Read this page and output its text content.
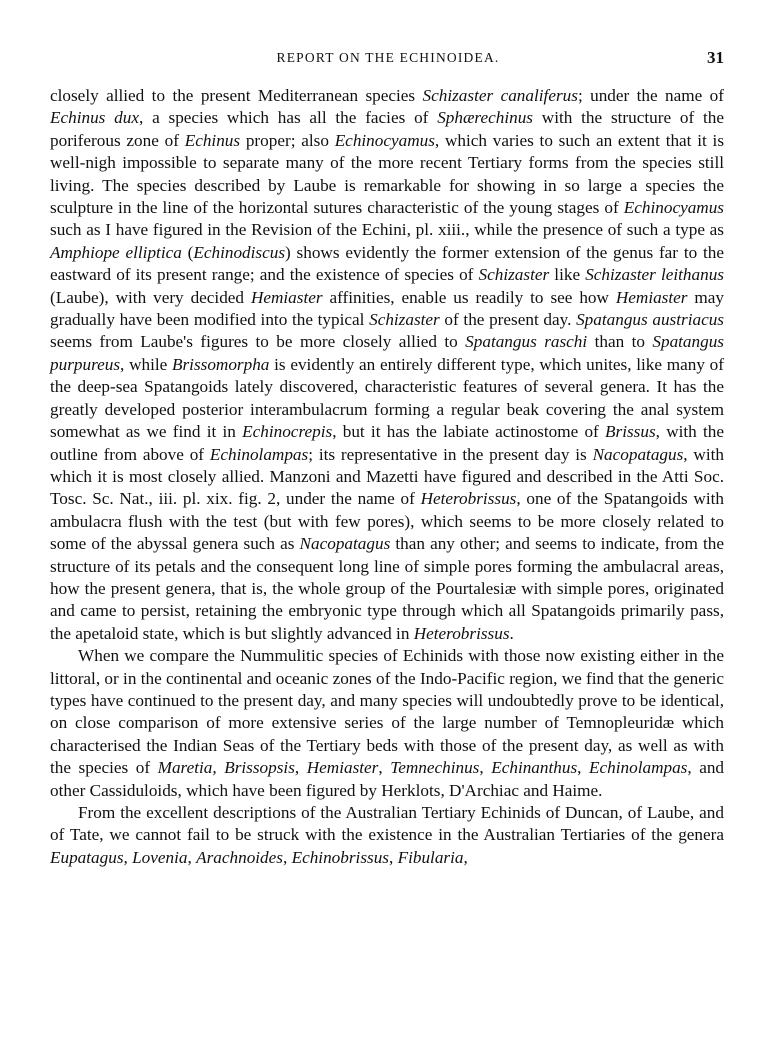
REPORT ON THE ECHINOIDEA.	31

closely allied to the present Mediterranean species Schizaster canaliferus; under the name of Echinus dux, a species which has all the facies of Sphærechinus with the structure of the poriferous zone of Echinus proper; also Echinocyamus, which varies to such an extent that it is well-nigh impossible to separate many of the more recent Tertiary forms from the species still living. The species described by Laube is remarkable for showing in so large a species the sculpture in the line of the horizontal sutures characteristic of the young stages of Echinocyamus such as I have figured in the Revision of the Echini, pl. xiii., while the presence of such a type as Amphiope elliptica (Echinodiscus) shows evidently the former extension of the genus far to the eastward of its present range; and the existence of species of Schizaster like Schizaster leithanus (Laube), with very decided Hemiaster affinities, enable us readily to see how Hemiaster may gradually have been modified into the typical Schizaster of the present day. Spatangus austriacus seems from Laube's figures to be more closely allied to Spatangus raschi than to Spatangus purpureus, while Brissomorpha is evidently an entirely different type, which unites, like many of the deep-sea Spatangoids lately discovered, characteristic features of several genera. It has the greatly developed posterior interambulacrum forming a regular beak covering the anal system somewhat as we find it in Echinocrepis, but it has the labiate actinostome of Brissus, with the outline from above of Echinolampas; its representative in the present day is Nacopatagus, with which it is most closely allied. Manzoni and Mazetti have figured and described in the Atti Soc. Tosc. Sc. Nat., iii. pl. xix. fig. 2, under the name of Heterobrissus, one of the Spatangoids with ambulacra flush with the test (but with few pores), which seems to be more closely related to some of the abyssal genera such as Nacopatagus than any other; and seems to indicate, from the structure of its petals and the consequent long line of simple pores forming the ambulacral areas, how the present genera, that is, the whole group of the Pourtalesiæ with simple pores, originated and came to persist, retaining the embryonic type through which all Spatangoids primarily pass, the apetaloid state, which is but slightly advanced in Heterobrissus.

When we compare the Nummulitic species of Echinids with those now existing either in the littoral, or in the continental and oceanic zones of the Indo-Pacific region, we find that the generic types have continued to the present day, and many species will undoubtedly prove to be identical, on close comparison of more extensive series of the large number of Temnopleuridæ which characterised the Indian Seas of the Tertiary beds with those of the present day, as well as with the species of Maretia, Brissopsis, Hemiaster, Temnechinus, Echinanthus, Echinolampas, and other Cassiduloids, which have been figured by Herklots, D'Archiac and Haime.

From the excellent descriptions of the Australian Tertiary Echinids of Duncan, of Laube, and of Tate, we cannot fail to be struck with the existence in the Australian Tertiaries of the genera Eupatagus, Lovenia, Arachnoides, Echinobrissus, Fibularia,
